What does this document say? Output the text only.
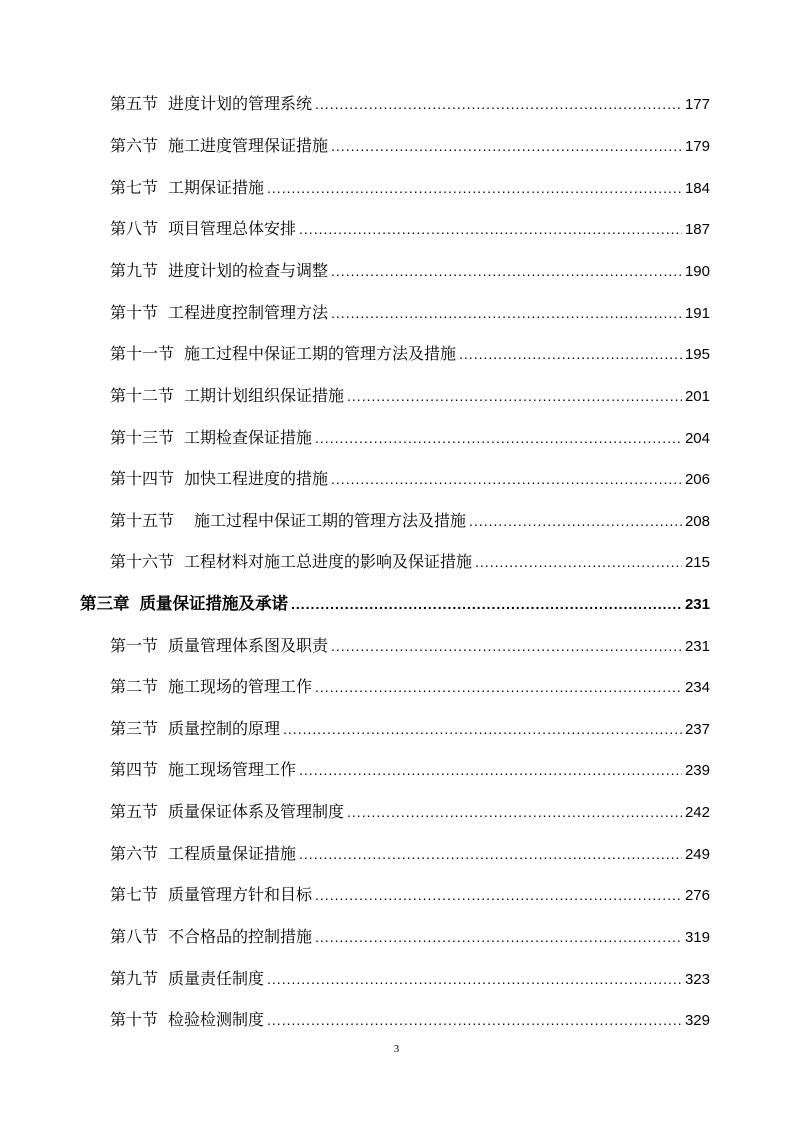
第五节 进度计划的管理系统 .....	177
第六节 施工进度管理保证措施 .....	179
第七节 工期保证措施 .....	184
第八节 项目管理总体安排 .....	187
第九节 进度计划的检查与调整 .....	190
第十节 工程进度控制管理方法 .....	191
第十一节 施工过程中保证工期的管理方法及措施 .....	195
第十二节 工期计划组织保证措施 .....	201
第十三节 工期检查保证措施 .....	204
第十四节 加快工程进度的措施 .....	206
第十五节 施工过程中保证工期的管理方法及措施 .....	208
第十六节 工程材料对施工总进度的影响及保证措施 .....	215
第三章 质量保证措施及承诺 .....	231
第一节 质量管理体系图及职责 .....	231
第二节 施工现场的管理工作 .....	234
第三节 质量控制的原理 .....	237
第四节 施工现场管理工作 .....	239
第五节 质量保证体系及管理制度 .....	242
第六节 工程质量保证措施 .....	249
第七节 质量管理方针和目标 .....	276
第八节 不合格品的控制措施 .....	319
第九节 质量责任制度 .....	323
第十节 检验检测制度 .....	329
3
